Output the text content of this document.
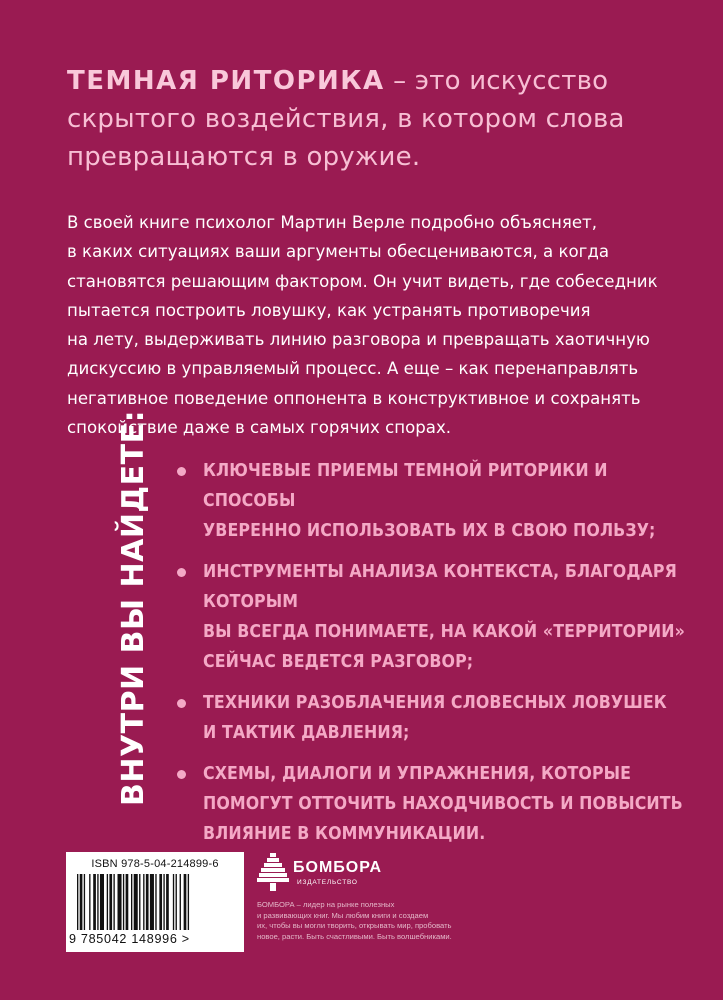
ТЕМНАЯ РИТОРИКА – это искусство
скрытого воздействия, в котором слова
превращаются в оружие.

В своей книге психолог Мартин Верле подробно объясняет,

в каких ситуациях ваши аргументы обесцениваются, а когда

становятся решающим фактором. Он учит видеть, где собеседник

пытается построить ловушку, как устранять противоречия

на лету, выдерживать линию разговора и превращать хаотичную

дискуссию в управляемый процесс. А еще – как перенаправлять

негативное поведение оппонента в конструктивное и сохранять

спокойствие даже в самых горячих спорах.

ВНУТРИ ВЫ НАЙДЕТЕ:	КЛЮЧЕВЫЕ ПРИЕМЫ ТЕМНОЙ РИТОРИКИ И СПОСОБЫ
УВЕРЕННО ИСПОЛЬЗОВАТЬ ИХ В СВОЮ ПОЛЬЗУ;
ИНСТРУМЕНТЫ АНАЛИЗА КОНТЕКСТА, БЛАГОДАРЯ КОТОРЫМ
ВЫ ВСЕГДА ПОНИМАЕТЕ, НА КАКОЙ «ТЕРРИТОРИИ»
СЕЙЧАС ВЕДЕТСЯ РАЗГОВОР;
ТЕХНИКИ РАЗОБЛАЧЕНИЯ СЛОВЕСНЫХ ЛОВУШЕК
И ТАКТИК ДАВЛЕНИЯ;
СХЕМЫ, ДИАЛОГИ И УПРАЖНЕНИЯ, КОТОРЫЕ
ПОМОГУТ ОТТОЧИТЬ НАХОДЧИВОСТЬ И ПОВЫСИТЬ
ВЛИЯНИЕ В КОММУНИКАЦИИ.
ISBN 978-5-04-214899-6
9 785042 148996 >
БОМБОРА
ИЗДАТЕЛЬСТВО

БОМБОРА – лидер на рынке полезных

и развивающих книг. Мы любим книги и создаем

их, чтобы вы могли творить, открывать мир, пробовать

новое, расти. Быть счастливыми. Быть волшебниками.
